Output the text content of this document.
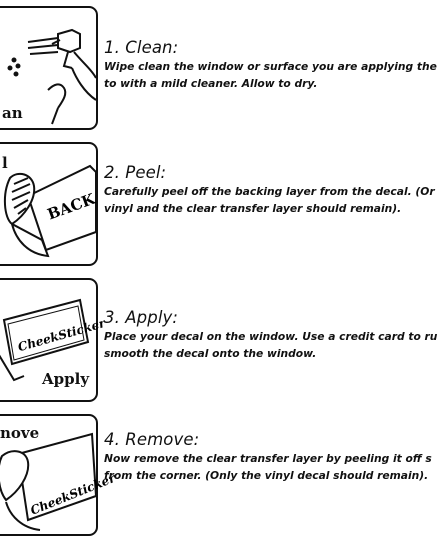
an
1. Clean:
Wipe clean the window or surface you are applying the
to with a mild cleaner. Allow to dry.
BACK
l	2. Peel:
Carefully peel off the backing layer from the decal. (Or
vinyl and the clear transfer layer should remain).
CheekSticker
Apply
3. Apply:
Place your decal on the window. Use a credit card to ru
smooth the decal onto the window.
CheekSticker
nove	4. Remove:
Now remove the clear transfer layer by peeling it off s
from the corner. (Only the vinyl decal should remain).
